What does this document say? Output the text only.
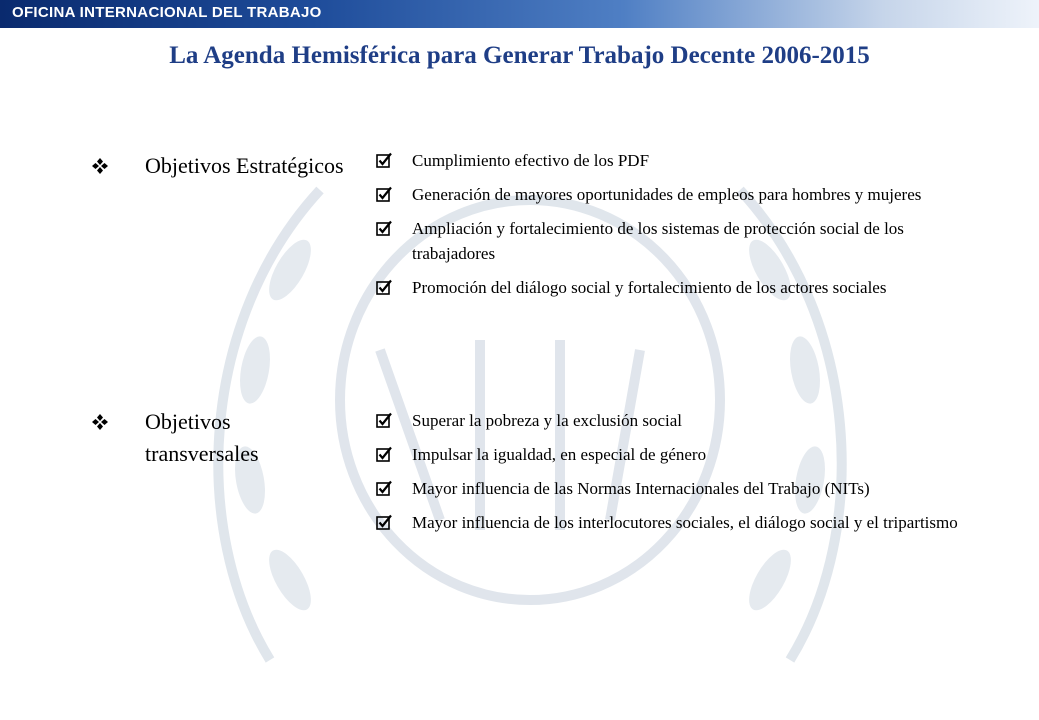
OFICINA INTERNACIONAL DEL TRABAJO
La Agenda Hemisférica para Generar Trabajo Decente 2006-2015
Objetivos Estratégicos	Cumplimiento efectivo de los PDF
Generación de mayores oportunidades de empleos para hombres y mujeres
Ampliación y fortalecimiento de los sistemas de protección social de los trabajadores
Promoción del diálogo social y fortalecimiento de los actores sociales
Objetivos transversales
Superar la pobreza y la exclusión social
Impulsar la igualdad, en especial de género
Mayor influencia de las Normas Internacionales del Trabajo (NITs)
Mayor influencia de los interlocutores sociales, el diálogo social y el tripartismo
